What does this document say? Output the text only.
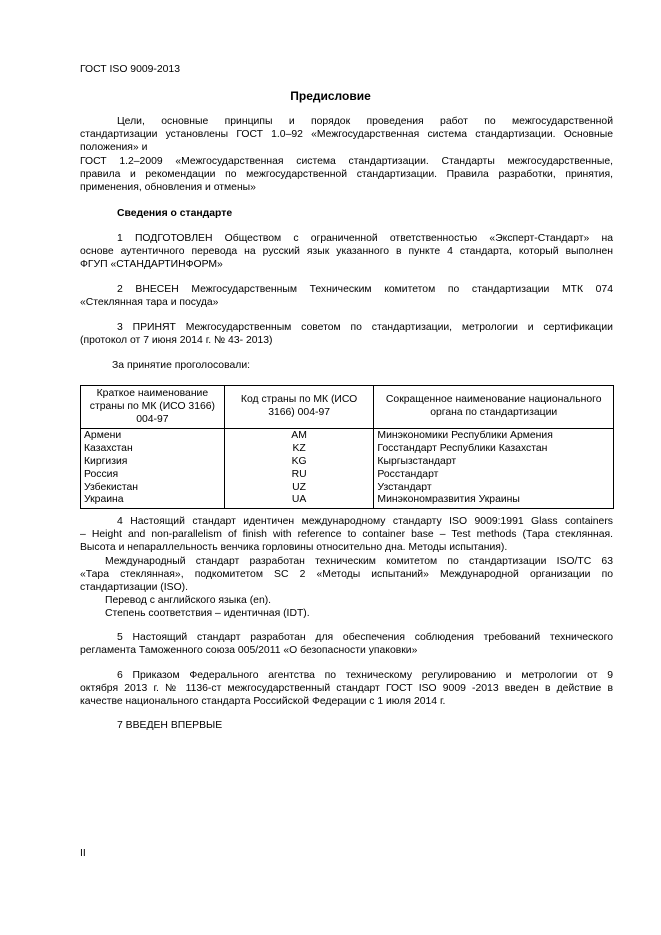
ГОСТ ISO 9009-2013
Предисловие
Цели, основные принципы и порядок проведения работ по межгосударственной
стандартизации установлены ГОСТ 1.0–92 «Межгосударственная система стандартизации. Основные
положения» и
ГОСТ 1.2–2009 «Межгосударственная система стандартизации. Стандарты межгосударственные,
правила и рекомендации по межгосударственной стандартизации. Правила разработки, принятия,
применения, обновления и отмены»
Сведения о стандарте
1 ПОДГОТОВЛЕН Обществом с ограниченной ответственностью «Эксперт-Стандарт» на
основе аутентичного перевода на русский язык указанного в пункте 4 стандарта, который выполнен
ФГУП «СТАНДАРТИНФОРМ»
2 ВНЕСЕН Межгосударственным Техническим комитетом по стандартизации МТК 074
«Стеклянная тара и посуда»
3 ПРИНЯТ Межгосударственным советом по стандартизации, метрологии и сертификации
(протокол от 7 июня 2014 г. № 43- 2013)
За принятие проголосовали:
Краткое наименование страны по МК (ИСО 3166) 004-97	Код страны по МК (ИСО 3166) 004-97	Сокращенное наименование национального органа по стандартизации
Армени	AM	Минэкономики Республики Армения
Казахстан	KZ	Госстандарт Республики Казахстан
Киргизия	KG	Кыргызстандарт
Россия	RU	Росстандарт
Узбекистан	UZ	Узстандарт
Украина	UA	Минэкономразвития Украины
4 Настоящий стандарт идентичен международному стандарту ISO 9009:1991 Glass containers
– Height and non-parallelism of finish with reference to container base – Test methods (Тара стеклянная.
Высота и непараллельность венчика горловины относительно дна. Методы испытания).
Международный стандарт разработан техническим комитетом по стандартизации ISO/TC 63
«Тара стеклянная», подкомитетом SC 2 «Методы испытаний» Международной организации по
стандартизации (ISO).
Перевод с английского языка (en).
Степень соответствия – идентичная (IDT).
5 Настоящий стандарт разработан для обеспечения соблюдения требований технического
регламента Таможенного союза 005/2011 «О безопасности упаковки»
6 Приказом Федерального агентства по техническому регулированию и метрологии от 9
октября 2013 г. № 1136-ст межгосударственный стандарт ГОСТ ISO 9009 -2013 введен в действие в
качестве национального стандарта Российской Федерации с 1 июля 2014 г.
7 ВВЕДЕН ВПЕРВЫЕ
II
